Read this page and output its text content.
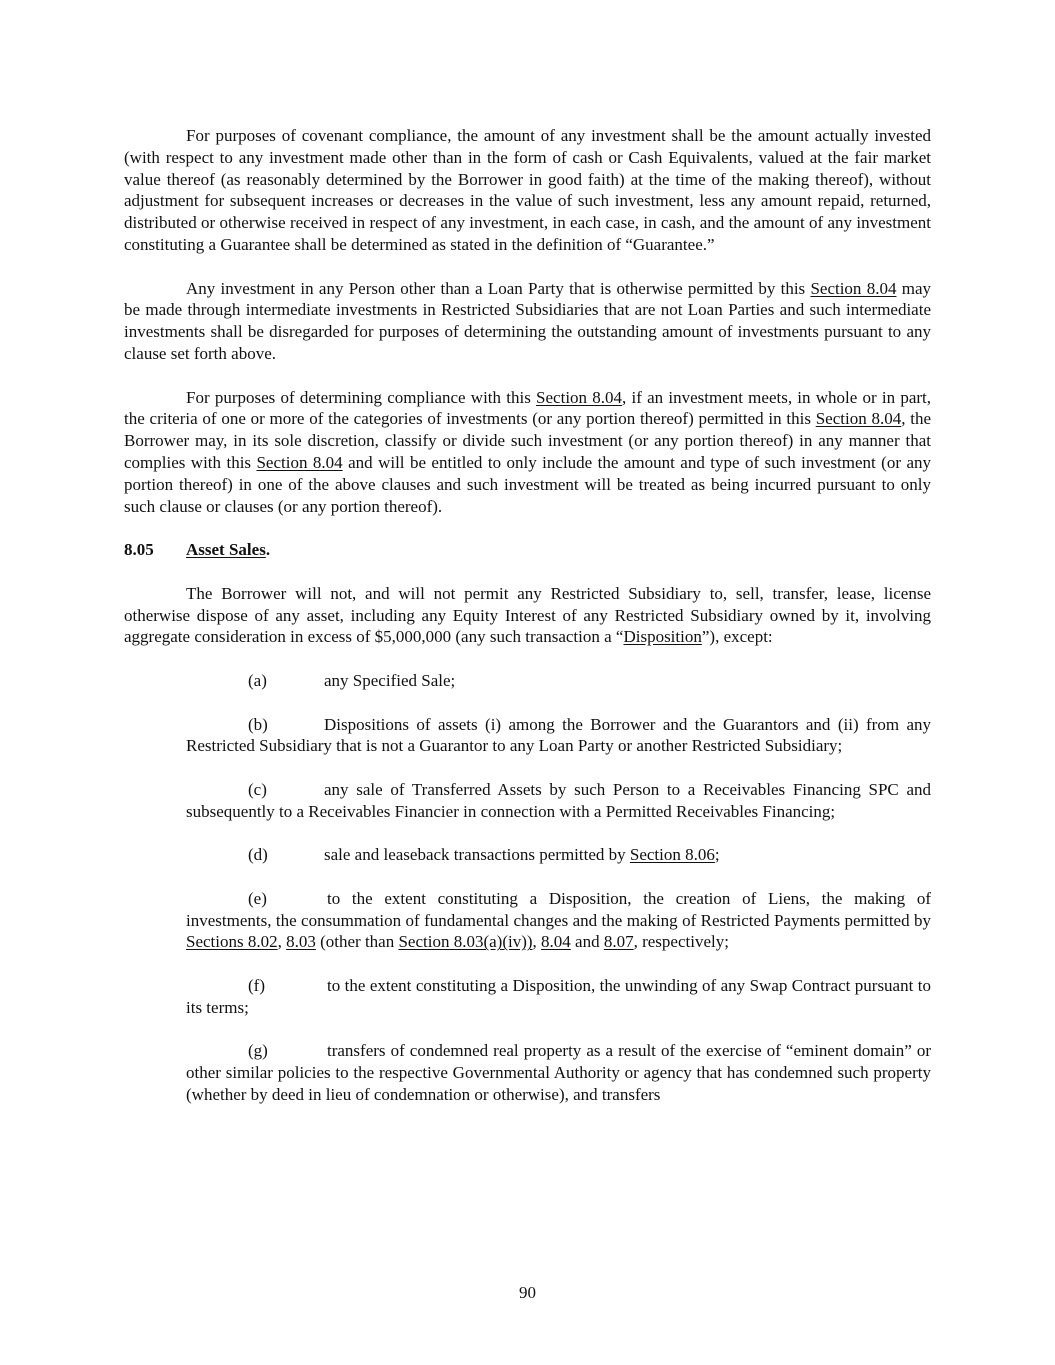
For purposes of covenant compliance, the amount of any investment shall be the amount actually invested (with respect to any investment made other than in the form of cash or Cash Equivalents, valued at the fair market value thereof (as reasonably determined by the Borrower in good faith) at the time of the making thereof), without adjustment for subsequent increases or decreases in the value of such investment, less any amount repaid, returned, distributed or otherwise received in respect of any investment, in each case, in cash, and the amount of any investment constituting a Guarantee shall be determined as stated in the definition of “Guarantee.”

Any investment in any Person other than a Loan Party that is otherwise permitted by this Section 8.04 may be made through intermediate investments in Restricted Subsidiaries that are not Loan Parties and such intermediate investments shall be disregarded for purposes of determining the outstanding amount of investments pursuant to any clause set forth above.

For purposes of determining compliance with this Section 8.04, if an investment meets, in whole or in part, the criteria of one or more of the categories of investments (or any portion thereof) permitted in this Section 8.04, the Borrower may, in its sole discretion, classify or divide such investment (or any portion thereof) in any manner that complies with this Section 8.04 and will be entitled to only include the amount and type of such investment (or any portion thereof) in one of the above clauses and such investment will be treated as being incurred pursuant to only such clause or clauses (or any portion thereof).

8.05 Asset Sales.

The Borrower will not, and will not permit any Restricted Subsidiary to, sell, transfer, lease, license otherwise dispose of any asset, including any Equity Interest of any Restricted Subsidiary owned by it, involving aggregate consideration in excess of $5,000,000 (any such transaction a “Disposition”), except:

(a)	any Specified Sale;

(b)	Dispositions of assets (i) among the Borrower and the Guarantors and (ii) from any Restricted Subsidiary that is not a Guarantor to any Loan Party or another Restricted Subsidiary;

(c)	any sale of Transferred Assets by such Person to a Receivables Financing SPC and subsequently to a Receivables Financier in connection with a Permitted Receivables Financing;

(d)	sale and leaseback transactions permitted by Section 8.06;

(e)	to the extent constituting a Disposition, the creation of Liens, the making of investments, the consummation of fundamental changes and the making of Restricted Payments permitted by Sections 8.02, 8.03 (other than Section 8.03(a)(iv)), 8.04 and 8.07, respectively;

(f)	to the extent constituting a Disposition, the unwinding of any Swap Contract pursuant to its terms;

(g)	transfers of condemned real property as a result of the exercise of “eminent domain” or other similar policies to the respective Governmental Authority or agency that has condemned such property (whether by deed in lieu of condemnation or otherwise), and transfers

90
